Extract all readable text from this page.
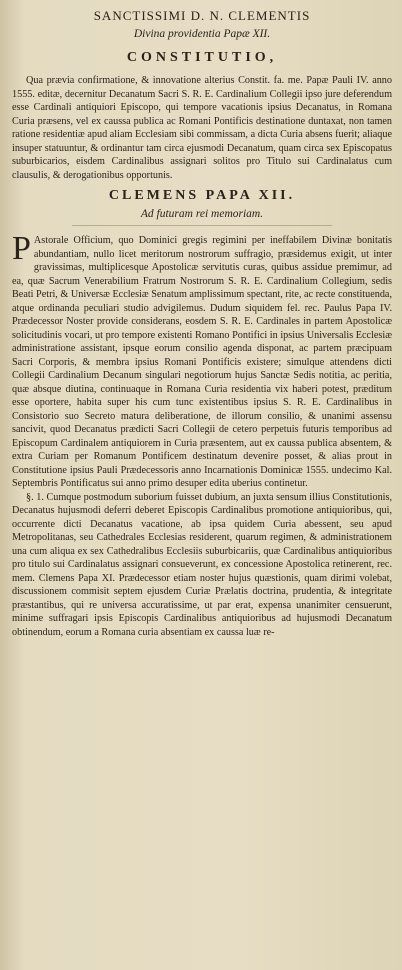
SANCTISSIMI D. N. CLEMENTIS
Divina providentia Papæ XII.
CONSTITUTIO,

Qua prævia confirmatione, & innovatione alterius Constit. fa. me. Papæ Pauli IV. anno 1555. editæ, decernitur Decanatum Sacri S. R. E. Cardinalium Collegii ipso jure deferendum esse Cardinali antiquiori Episcopo, qui tempore vacationis ipsius Decanatus, in Romana Curia præsens, vel ex caussa publica ac Romani Pontificis destinatione duntaxat, non tamen ratione residentiæ apud aliam Ecclesiam sibi commissam, a dicta Curia absens fuerit; aliaque insuper statuuntur, & ordinantur tam circa ejusmodi Decanatum, quam circa sex Episcopatus suburbicarios, eisdem Cardinalibus assignari solitos pro Titulo sui Cardinalatus cum clausulis, & derogationibus opportunis.

CLEMENS PAPA XII.
Ad futuram rei memoriam.
P Astorale Officium, quo Dominici gregis regimini per ineffabilem Divinæ bonitatis abundantiam, nullo licet meritorum nostrorum suffragio, præsidemus exigit, ut inter gravissimas, multiplicesque Apostolicæ servitutis curas, quibus assidue premimur, ad ea, quæ Sacrum Venerabilium Fratrum Nostrorum S. R. E. Cardinalium Collegium, sedis Beati Petri, & Universæ Ecclesiæ Senatum amplissimum spectant, rite, ac recte constituenda, atque ordinanda peculiari studio advigilemus. Dudum siquidem fel. rec. Paulus Papa IV. Prædecessor Noster provide considerans, eosdem S. R. E. Cardinales in partem Apostolicæ solicitudinis vocari, ut pro tempore existenti Romano Pontifici in ipsius Universalis Ecclesiæ administratione assistant, ipsque eorum consilio agenda disponat, ac partem præcipuam Sacri Corporis, & membra ipsius Romani Pontificis existere; simulque attendens dicti Collegii Cardinalium Decanum singulari negotiorum hujus Sanctæ Sedis notitia, ac peritia, quæ absque diutina, continuaque in Romana Curia residentia vix haberi potest, præditum esse oportere, habita super his cum tunc existentibus ipsius S. R. E. Cardinalibus in Consistorio suo Secreto matura deliberatione, de illorum consilio, & unanimi assensu sancivit, quod Decanatus prædicti Sacri Collegii de cetero perpetuis futuris temporibus ad Episcopum Cardinalem antiquiorem in Curia præsentem, aut ex caussa publica absentem, & extra Curiam per Romanum Pontificem destinatum devenire posset, & alias prout in Constitutione ipsius Pauli Prædecessoris anno Incarnationis Dominicæ 1555. undecimo Kal. Septembris Pontificatus sui anno primo desuper edita uberius continetur.

§. 1. Cumque postmodum suborium fuisset dubium, an juxta sensum illius Constitutionis, Decanatus hujusmodi deferri deberet Episcopis Cardinalibus promotione antiquioribus, qui, occurrente dicti Decanatus vacatione, ab ipsa quidem Curia abessent, seu apud Metropolitanas, seu Cathedrales Ecclesias residerent, quarum regimen, & administrationem una cum aliqua ex sex Cathedralibus Ecclesiis suburbicariis, quæ Cardinalibus antiquioribus pro titulo sui Cardinalatus assignari consueverunt, ex concessione Apostolica retinerent, rec. mem. Clemens Papa XI. Prædecessor etiam noster hujus quæstionis, quam dirimi volebat, discussionem commisit septem ejusdem Curiæ Prælatis doctrina, prudentia, & integritate præstantibus, qui re universa accuratissime, ut par erat, expensa unanimiter censuerunt, minime suffragari ipsis Episcopis Cardinalibus antiquioribus ad hujusmodi Decanatum obtinendum, eorum a Romana curia absentiam ex caussa luæ re-
